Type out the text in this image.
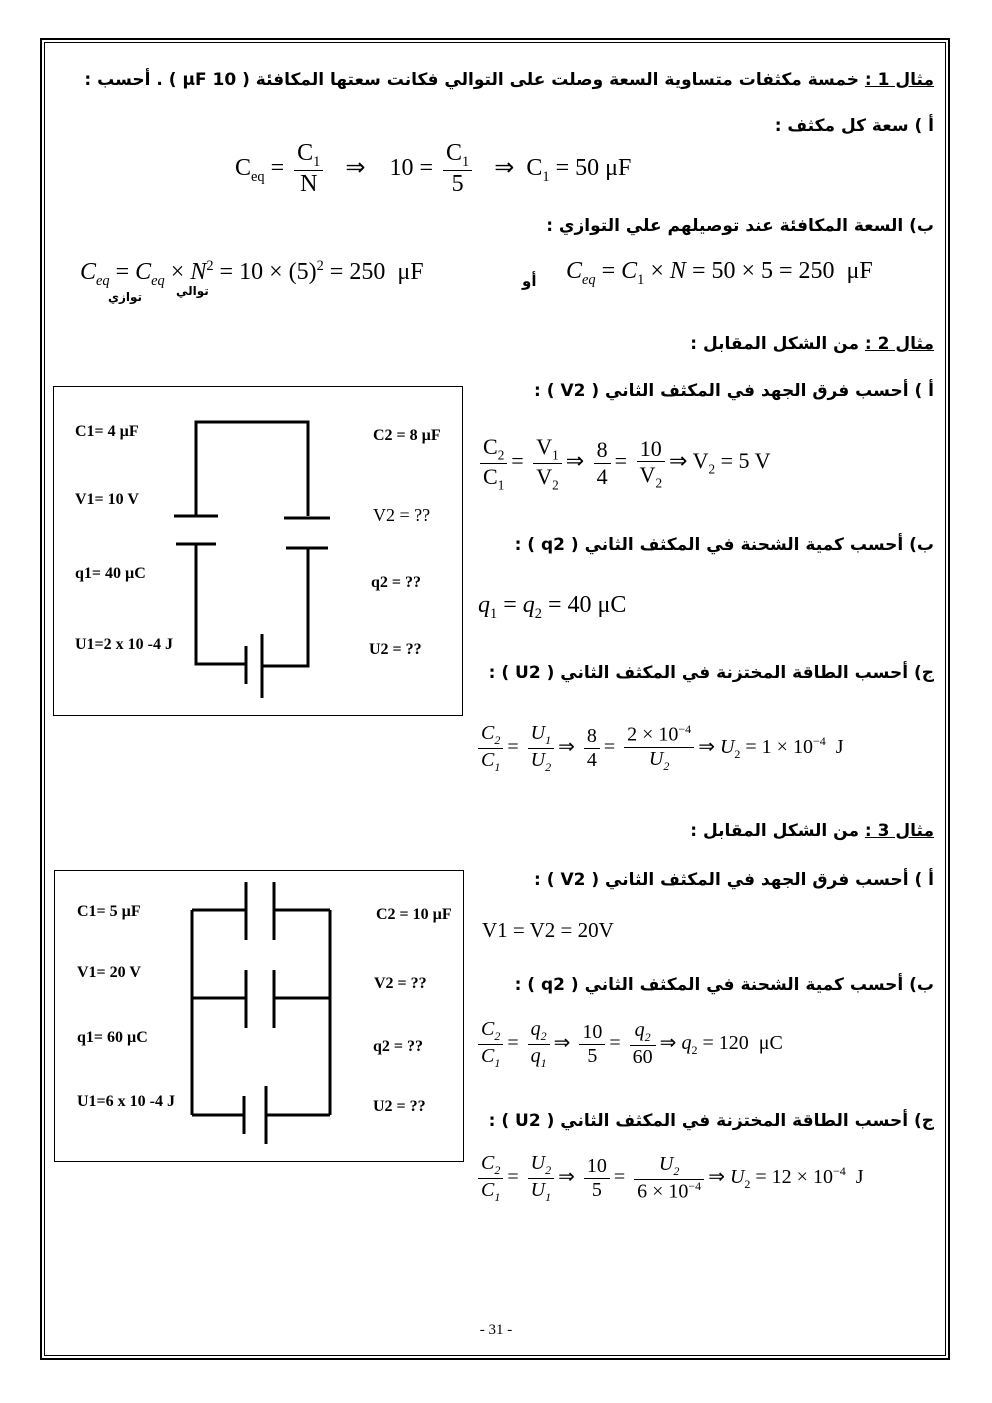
مثال 1 : خمسة مكثفات متساوية السعة وصلت على التوالي فكانت سعتها المكافئة ( 10 µF ) . أحسب :
أ ) سعة كل مكثف :
$C_{eq} = \frac{C_1}{N}$ ⇒    $10 = \frac{C_1}{5}$ ⇒  $C_1 = 50$ μF
ب) السعة المكافئة عند توصيلهم علي التوازي :
$C_{eq} = C_{eq} \times N^2 = 10 \times (5)^2 = 250$  μF
توازي	توالي
أو $C_{eq} = C_1 \times N = 50 \times 5 = 250$  μF
مثال 2 : من الشكل المقابل :
أ ) أحسب فرق الجهد في المكثف الثاني ( V2 ) :
C1= 4 µF
V1= 10 V
q1= 40 µC
U1=2 x 10 -4 J
C2 = 8 µF
V2 = ??
q2 = ??
U2 = ??
$\frac{C_2}{C_1} = \frac{V_1}{V_2}$ ⇒ $\frac{8}{4} = \frac{10}{V_2}$ ⇒ $V_2 = 5$ V
ب) أحسب كمية الشحنة في المكثف الثاني ( q2 ) :
$q_1 = q_2 = 40$ μC
ج) أحسب الطاقة المختزنة في المكثف الثاني ( U2 ) :
$\frac{C_2}{C_1} = \frac{U_1}{U_2}$ ⇒ $\frac{8}{4} = \frac{2 \times 10^{-4}}{U_2}$ ⇒ $U_2 = 1 \times 10^{-4}$  J
مثال 3 : من الشكل المقابل :
أ ) أحسب فرق الجهد في المكثف الثاني ( V2 ) :
C1= 5 µF
V1= 20 V
q1= 60 µC
U1=6 x 10 -4 J
C2 = 10 µF
V2 = ??
q2 = ??
U2 = ??
V1 = V2 = 20V
ب) أحسب كمية الشحنة في المكثف الثاني ( q2 ) :
$\frac{C_2}{C_1} = \frac{q_2}{q_1}$ ⇒ $\frac{10}{5} = \frac{q_2}{60}$ ⇒ $q_2 = 120$  μC
ج) أحسب الطاقة المختزنة في المكثف الثاني ( U2 ) :
$\frac{C_2}{C_1} = \frac{U_2}{U_1}$ ⇒ $\frac{10}{5} = \frac{U_2}{6 \times 10^{-4}}$ ⇒ $U_2 = 12 \times 10^{-4}$  J
- 31 -
